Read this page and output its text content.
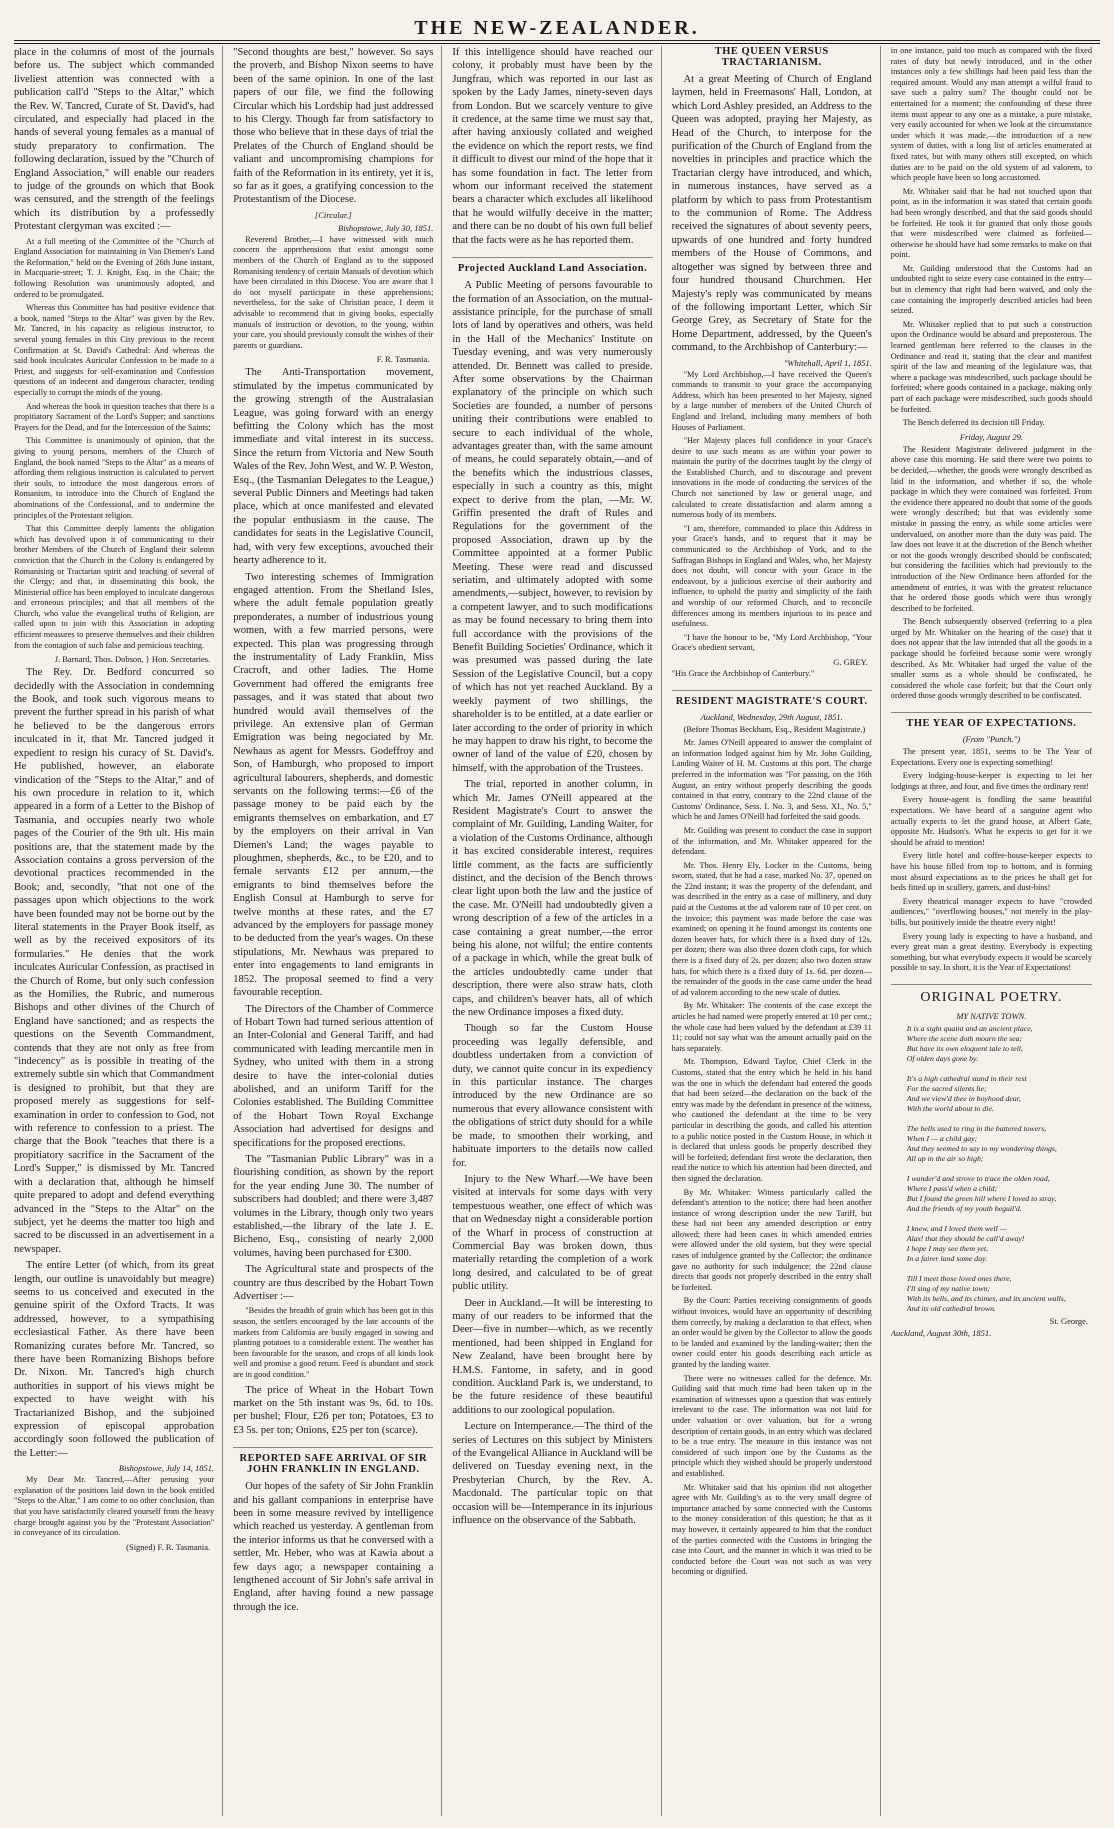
THE NEW-ZEALANDER.

place in the columns of most of the journals before us. The subject which commanded liveliest attention was connected with a publication call'd "Steps to the Altar," which the Rev. W. Tancred, Curate of St. David's, had circulated, and especially had placed in the hands of several young females as a manual of study preparatory to confirmation. The following declaration, issued by the "Church of England Association," will enable our readers to judge of the grounds on which that Book was censured, and the strength of the feelings which its distribution by a professedly Protestant clergyman was excited :—

At a full meeting of the Committee of the "Church of England Association for maintaining in Van Diemen's Land the Reformation," held on the Evening of 26th June instant, in Macquarie-street; T. J. Knight, Esq. in the Chair; the following Resolution was unanimously adopted, and ordered to be promulgated.

Whereas this Committee has had positive evidence that a book, named "Steps to the Altar" was given by the Rev. Mr. Tancred, in his capacity as religious instructor, to several young females in this City previous to the recent Confirmation at St. David's Cathedral: And whereas the said book inculcates Auricular Confession to be made to a Priest, and suggests for self-examination and Confession questions of an indecent and dangerous character, tending especially to corrupt the minds of the young.

And whereas the book in question teaches that there is a propitiatory Sacrament of the Lord's Supper; and sanctions Prayers for the Dead, and for the Intercession of the Saints;

This Committee is unanimously of opinion, that the giving to young persons, members of the Church of England, the book named "Steps to the Altar" as a means of affording them religious instruction is calculated to pervert their souls, to introduce the most dangerous errors of Romanism, to introduce into the Church of England the abominations of the Confessional, and to undermine the principles of the Protestant religion.

That this Committee deeply laments the obligation which has devolved upon it of communicating to their brother Members of the Church of England their solemn conviction that the Church in the Colony is endangered by Romanising or Tractarian spirit and teaching of several of the Clergy; and that, in disseminating this book, the Ministerial office has been employed to inculcate dangerous and erroneous principles; and that all members of the Church, who value the evangelical truths of Religion, are called upon to join with this Association in adopting efficient measures to preserve themselves and their children from the contagion of such false and pernicious teaching.

J. Barnard, Thos. Dobson, } Hon. Secretaries.

The Rey. Dr. Bedford concurred so decidedly with the Association in condemning the Book, and took such vigorous means to prevent the further spread in his parish of what he believed to be the dangerous errors inculcated in it, that Mr. Tancred judged it expedient to resign his curacy of St. David's. He published, however, an elaborate vindication of the "Steps to the Altar," and of his own procedure in relation to it, which appeared in a form of a Letter to the Bishop of Tasmania, and occupies nearly two whole pages of the Courier of the 9th ult. His main positions are, that the statement made by the Association contains a gross perversion of the devotional practices recommended in the Book; and, secondly, "that not one of the passages upon which objections to the work have been founded may not be borne out by the literal statements in the Prayer Book itself, as well as by the received expositors of its formularies." He denies that the work inculcates Auricular Confession, as practised in the Church of Rome, but only such confession as the Homilies, the Rubric, and numerous Bishops and other divines of the Church of England have sanctioned; and as respects the questions on the Seventh Commandment, contends that they are not only as free from "indecency" as is possible in treating of the extremely subtle sin which that Commandment is designed to prohibit, but that they are proposed merely as suggestions for self-examination in order to confession to God, not with reference to confession to a priest. The charge that the Book "teaches that there is a propitiatory sacrifice in the Sacrament of the Lord's Supper," is dismissed by Mr. Tancred with a declaration that, although he himself quite prepared to adopt and defend everything advanced in the "Steps to the Altar" on the subject, yet he deems the matter too high and sacred to be discussed in an advertisement in a newspaper.

The entire Letter (of which, from its great length, our outline is unavoidably but meagre) seems to us conceived and executed in the genuine spirit of the Oxford Tracts. It was addressed, however, to a sympathising ecclesiastical Father. As there have been Romanizing curates before Mr. Tancred, so there have been Romanizing Bishops before Dr. Nixon. Mr. Tancred's high church authorities in support of his views might be expected to have weight with his Tractarianized Bishop, and the subjoined expression of episcopal approbation accordingly soon followed the publication of the Letter:—

Bishopstowe, July 14, 1851.

My Dear Mr. Tancred,—After perusing your explanation of the positions laid down in the book entitled "Steps to the Altar," I am come to no other conclusion, than that you have satisfactorily cleared yourself from the heavy charge brought against you by the "Protestant Association" in conveyance of its circulation.

(Signed) F. R. Tasmania.

"Second thoughts are best," however. So says the proverb, and Bishop Nixon seems to have been of the same opinion. In one of the last papers of our file, we find the following Circular which his Lordship had just addressed to his Clergy. Though far from satisfactory to those who believe that in these days of trial the Prelates of the Church of England should be valiant and uncompromising champions for faith of the Reformation in its entirety, yet it is, so far as it goes, a gratifying concession to the Protestantism of the Diocese.

[Circular.]
Bishopstowe, July 30, 1851.

Reverend Brother,—I have witnessed with much concern the apprehensions that exist amongst some members of the Church of England as to the supposed Romanising tendency of certain Manuals of devotion which have been circulated in this Diocese. You are aware that I do not myself participate in these apprehensions; nevertheless, for the sake of Christian peace, I deem it advisable to recommend that in giving books, especially manuals of instruction or devotion, to the young, within your care, you should previously consult the wishes of their parents or guardians.

F. R. Tasmania.

The Anti-Transportation movement, stimulated by the impetus communicated by the growing strength of the Australasian League, was going forward with an energy befitting the Colony which has the most immediate and vital interest in its success. Since the return from Victoria and New South Wales of the Rev. John West, and W. P. Weston, Esq., (the Tasmanian Delegates to the League,) several Public Dinners and Meetings had taken place, which at once manifested and elevated the popular enthusiasm in the cause. The candidates for seats in the Legislative Council, had, with very few exceptions, avouched their hearty adherence to it.

Two interesting schemes of Immigration engaged attention. From the Shetland Isles, where the adult female population greatly preponderates, a number of industrious young women, with a few married persons, were expected. This plan was progressing through the instrumentality of Lady Franklin, Miss Cracroft, and other ladies. The Home Government had offered the emigrants free passages, and it was stated that about two hundred would avail themselves of the privilege. An extensive plan of German Emigration was being negociated by Mr. Newhaus as agent for Messrs. Godeffroy and Son, of Hamburgh, who proposed to import agricultural labourers, shepherds, and domestic servants on the following terms:—£6 of the passage money to be paid each by the emigrants themselves on embarkation, and £7 by the employers on their arrival in Van Diemen's Land; the wages payable to ploughmen, shepherds, &c., to be £20, and to female servants £12 per annum,—the emigrants to bind themselves before the English Consul at Hamburgh to serve for twelve months at these rates, and the £7 advanced by the employers for passage money to be deducted from the year's wages. On these stipulations, Mr. Newhaus was prepared to enter into engagements to land emigrants in 1852. The proposal seemed to find a very favourable reception.

The Directors of the Chamber of Commerce of Hobart Town had turned serious attention of an Inter-Colonial and General Tariff, and had communicated with leading mercantile men in Sydney, who united with them in a strong desire to have the inter-colonial duties abolished, and an uniform Tariff for the Colonies established. The Building Committee of the Hobart Town Royal Exchange Association had advertised for designs and specifications for the proposed erections.

The "Tasmanian Public Library" was in a flourishing condition, as shown by the report for the year ending June 30. The number of subscribers had doubled; and there were 3,487 volumes in the Library, though only two years established,—the library of the late J. E. Bicheno, Esq., consisting of nearly 2,000 volumes, having been purchased for £300.

The Agricultural state and prospects of the country are thus described by the Hobart Town Advertiser :—

"Besides the breadth of grain which has been got in this season, the settlers encouraged by the late accounts of the markets from California are busily engaged in sowing and planting potatoes to a considerable extent. The weather has been favourable for the season, and crops of all kinds look well and promise a good return. Feed is abundant and stock are in good condition."

The price of Wheat in the Hobart Town market on the 5th instant was 9s. 6d. to 10s. per bushel; Flour, £26 per ton; Potatoes, £3 to £3 5s. per ton; Onions, £25 per ton (scarce).

REPORTED SAFE ARRIVAL OF SIR JOHN FRANKLIN IN ENGLAND.

Our hopes of the safety of Sir John Franklin and his gallant companions in enterprise have been in some measure revived by intelligence which reached us yesterday. A gentleman from the interior informs us that he conversed with a settler, Mr. Heber, who was at Kawia about a few days ago; a newspaper containing a lengthened account of Sir John's safe arrival in England, after having found a new passage through the ice.

If this intelligence should have reached our colony, it probably must have been by the Jungfrau, which was reported in our last as spoken by the Lady James, ninety-seven days from London. But we scarcely venture to give it credence, at the same time we must say that, after having anxiously collated and weighed the evidence on which the report rests, we find it difficult to divest our mind of the hope that it has some foundation in fact. The letter from whom our informant received the statement bears a character which excludes all likelihood that he would wilfully deceive in the matter; and there can be no doubt of his own full belief that the facts were as he has reported them.

Projected Auckland Land Association.

A Public Meeting of persons favourable to the formation of an Association, on the mutual-assistance principle, for the purchase of small lots of land by operatives and others, was held in the Hall of the Mechanics' Institute on Tuesday evening, and was very numerously attended. Dr. Bennett was called to preside. After some observations by the Chairman explanatory of the principle on which such Societies are founded, a number of persons uniting their contributions were enabled to secure to each individual of the whole, advantages greater than, with the same amount of means, he could separately obtain,—and of the benefits which the industrious classes, especially in such a country as this, might expect to derive from the plan, —Mr. W. Griffin presented the draft of Rules and Regulations for the government of the proposed Association, drawn up by the Committee appointed at a former Public Meeting. These were read and discussed seriatim, and ultimately adopted with some amendments,—subject, however, to revision by a competent lawyer, and to such modifications as may be found necessary to bring them into full accordance with the provisions of the Benefit Building Societies' Ordinance, which it was presumed was passed during the late Session of the Legislative Council, but a copy of which has not yet reached Auckland. By a weekly payment of two shillings, the shareholder is to be entitled, at a date earlier or later according to the order of priority in which he may happen to draw his right, to become the owner of land of the value of £20, chosen by himself, with the approbation of the Trustees.

The trial, reported in another column, in which Mr. James O'Neill appeared at the Resident Magistrate's Court to answer the complaint of Mr. Guilding, Landing Waiter, for a violation of the Customs Ordinance, although it has excited considerable interest, requires little comment, as the facts are sufficiently distinct, and the decision of the Bench throws clear light upon both the law and the justice of the case. Mr. O'Neill had undoubtedly given a wrong description of a few of the articles in a case containing a great number,—the error being his alone, not wilful; the entire contents of a package in which, while the great bulk of the articles undoubtedly came under that description, there were also straw hats, cloth caps, and children's beaver hats, all of which the new Ordinance imposes a fixed duty.

Though so far the Custom House proceeding was legally defensible, and doubtless undertaken from a conviction of duty, we cannot quite concur in its expediency in this particular instance. The charges introduced by the new Ordinance are so numerous that every allowance consistent with the obligations of strict duty should for a while be made, to smoothen their working, and habituate importers to the details now called for.

Injury to the New Wharf.—We have been visited at intervals for some days with very tempestuous weather, one effect of which was that on Wednesday night a considerable portion of the Wharf in process of construction at Commercial Bay was broken down, thus materially retarding the completion of a work long desired, and calculated to be of great public utility.

Deer in Auckland.—It will be interesting to many of our readers to be informed that the Deer—five in number—which, as we recently mentioned, had been shipped in England for New Zealand, have been brought here by H.M.S. Fantome, in safety, and in good condition. Auckland Park is, we understand, to be the future residence of these beautiful additions to our zoological population.

Lecture on Intemperance.—The third of the series of Lectures on this subject by Ministers of the Evangelical Alliance in Auckland will be delivered on Tuesday evening next, in the Presbyterian Church, by the Rev. A. Macdonald. The particular topic on that occasion will be—Intemperance in its injurious influence on the observance of the Sabbath.

THE QUEEN VERSUS TRACTARIANISM.

At a great Meeting of Church of England laymen, held in Freemasons' Hall, London, at which Lord Ashley presided, an Address to the Queen was adopted, praying her Majesty, as Head of the Church, to interpose for the purification of the Church of England from the novelties in principles and practice which the Tractarian clergy have introduced, and which, in numerous instances, have served as a platform by which to pass from Protestantism to the communion of Rome. The Address received the signatures of about seventy peers, upwards of one hundred and forty hundred members of the House of Commons, and altogether was signed by between three and four hundred thousand Churchmen. Her Majesty's reply was communicated by means of the following important Letter, which Sir George Grey, as Secretary of State for the Home Department, addressed, by the Queen's command, to the Archbishop of Canterbury:—

"Whitehall, April 1, 1851.

"My Lord Archbishop,—I have received the Queen's commands to transmit to your grace the accompanying Address, which has been presented to her Majesty, signed by a large number of members of the United Church of England and Ireland, including many members of both Houses of Parliament.

"Her Majesty places full confidence in your Grace's desire to use such means as are within your power to maintain the purity of the doctrines taught by the clergy of the Established Church, and to discourage and prevent innovations in the mode of conducting the services of the Church not sanctioned by law or general usage, and calculated to create dissatisfaction and alarm among a numerous body of its members.

"I am, therefore, commanded to place this Address in your Grace's hands, and to request that it may be communicated to the Archbishop of York, and to the Suffragan Bishops in England and Wales, who, her Majesty does not doubt, will concur with your Grace in the endeavour, by a judicious exercise of their authority and influence, to uphold the purity and simplicity of the faith and worship of our reformed Church, and to reconcile differences among its members injurious to its peace and usefulness.

"I have the honour to be, "My Lord Archbishop, "Your Grace's obedient servant,

G. GREY.

"His Grace the Archbishop of Canterbury."

RESIDENT MAGISTRATE'S COURT.
Auckland, Wednesday, 29th August, 1851.

(Before Thomas Beckham, Esq., Resident Magistrate.)

Mr. James O'Neill appeared to answer the complaint of an information lodged against him by Mr. John Guilding, Landing Waiter of H. M. Customs at this port. The charge preferred in the information was "For passing, on the 16th August, an entry without properly describing the goods contained in that entry, contrary to the 22nd clause of the Customs' Ordinance, Sess. I. No. 3, and Sess. XI., No. 5," which he and James O'Neill had forfeited the said goods.

Mr. Guilding was present to conduct the case in support of the information, and Mr. Whitaker appeared for the defendant.

Mr. Thos. Henry Ely, Locker in the Customs, being sworn, stated, that he had a case, marked No. 37, opened on the 22nd instant; it was the property of the defendant, and was described in the entry as a case of millinery, and duty paid at the Customs at the ad valorem rate of 10 per cent. on the invoice; this payment was made before the case was examined; on opening it he found amongst its contents one dozen beaver hats, for which there is a fixed duty of 12s. per dozen; there was also three dozen cloth caps, for which there is a fixed duty of 2s. per dozen; also two dozen straw hats, for which there is a fixed duty of 1s. 6d. per dozen—the remainder of the goods in the case came under the head of ad valorem according to the new scale of duties.

By Mr. Whitaker: The contents of the case except the articles he had named were properly entered at 10 per cent.; the whole case had been valued by the defendant at £39 11 11; could not say what was the amount actually paid on the hats separately.

Mr. Thompson, Edward Taylor, Chief Clerk in the Customs, stated that the entry which he held in his hand was the one in which the defendant had entered the goods that had been seized—the declaration on the back of the entry was made by the defendant in presence of the witness, who cautioned the defendant at the time to be very particular in describing the goods, and called his attention to a public notice posted in the Custom House, in which it is declared that unless goods be properly described they will be forfeited; defendant first wrote the declaration, then read the notice to which his attention had been directed, and then signed the declaration.

By Mr. Whitaker: Witness particularly called the defendant's attention to the notice; there had been another instance of wrong description under the new Tariff, but these had not been any amended description or entry allowed; there had been cases in which amended entries were allowed under the old system, but they were special cases of indulgence granted by the Collector; the ordinance gave no authority for such indulgence; the 22nd clause directs that goods not properly described in the entry shall be forfeited.

By the Court: Parties receiving consignments of goods without invoices, would have an opportunity of describing them correctly, by making a declaration to that effect, when an order would be given by the Collector to allow the goods to be landed and examined by the landing-waiter; then the owner could enter his goods describing each article as granted by the landing waiter.

There were no witnesses called for the defence. Mr. Guilding said that much time had been taken up in the examination of witnesses upon a question that was entirely irrelevant to the case. The information was not laid for under valuation or over valuation, but for a wrong description of certain goods, in an entry which was declared to be a true entry. The measure in this instance was not considered of such import one by the Customs as the principle which they wished should be properly understood and established.

Mr. Whitaker said that his opinion did not altogether agree with Mr. Guilding's as to the very small degree of importance attached by some connected with the Customs to the money consideration of this question; he that as it may however, it certainly appeared to him that the conduct of the parties connected with the Customs in bringing the case into Court, and the manner in which it was tried to be conducted before the Court was not such as was very becoming or dignified.

in one instance, paid too much as compared with the fixed rates of duty but newly introduced, and in the other instances only a few shillings had been paid less than the required amount. Would any man attempt a wilful fraud to save such a paltry sum? The thought could not be entertained for a moment; the confounding of these three items must appear to any one as a mistake, a pure mistake, very easily accounted for when we look at the circumstance under which it was made,—the introduction of a new system of duties, with a long list of articles enumerated at fixed rates, but with many others still excepted, on which duties are to be paid on the old system of ad valorem, to which people have been so long accustomed.

Mr. Whitaker said that he had not touched upon that point, as in the information it was stated that certain goods had been wrongly described, and that the said goods should be forfeited. He took it for granted that only those goods that were misdescribed were claimed as forfeited—otherwise he should have had some remarks to make on that point.

Mr. Guilding understood that the Customs had an undoubted right to seize every case contained in the entry—but in clemency that right had been waived, and only the case containing the improperly described articles had been seized.

Mr. Whitaker replied that to put such a construction upon the Ordinance would be absurd and preposterous. The learned gentleman here referred to the clauses in the Ordinance and read it, stating that the clear and manifest spirit of the law and meaning of the legislature was, that where a package was misdescribed, such package should be forfeited; where goods contained in a package, making only part of each package were misdescribed, such goods should be forfeited.

The Bench deferred its decision till Friday.

Friday, August 29.

The Resident Magistrate delivered judgment in the above case this morning. He said there were two points to be decided,—whether, the goods were wrongly described as laid in the information, and whether if so, the whole package in which they were contained was forfeited. From the evidence there appeared no doubt that some of the goods were wrongly described; but that was evidently some mistake in passing the entry, as while some articles were undervalued, on another more than the duty was paid. The law does not leave it at the discretion of the Bench whether or not the goods wrongly described should be confiscated; but considering the facilities which had previously to the introduction of the New Ordinance been afforded for the amendment of entries, it was with the greatest reluctance that he ordered those goods which were thus wrongly described to be forfeited.

The Bench subsequently observed (referring to a plea urged by Mr. Whitaker on the hearing of the case) that it does not appear that the law intended that all the goods in a package should be forfeited because some were wrongly described. As Mr. Whitaker had urged the value of the smaller sums as a whole should be confiscated, he considered the whole case forfeit; but that the Court only ordered those goods wrongly described to be confiscated.

THE YEAR OF EXPECTATIONS.
(From "Punch.")

The present year, 1851, seems to be The Year of Expectations. Every one is expecting something!

Every lodging-house-keeper is expecting to let her lodgings at three, and four, and five times the ordinary rent!

Every house-agent is fondling the same beautiful expectations. We have heard of a sanguine agent who actually expects to let the grand house, at Albert Gate, opposite Mr. Hudson's. What he expects to get for it we should be afraid to mention!

Every little hotel and coffee-house-keeper expects to have his house filled from top to bottom, and is forming most absurd expectations as to the prices he shall get for beds fitted up in scullery, garrets, and dust-bins!

Every theatrical manager expects to have "crowded audiences," "overflowing houses," not merely in the play-bills, but positively inside the theatre every night!

Every young lady is expecting to have a husband, and every great man a great destiny. Everybody is expecting something, but what everybody expects it would be scarcely possible to say. In short, it is the Year of Expectations!

ORIGINAL POETRY.
MY NATIVE TOWN.
It is a sight quaint and an ancient place,
Where the scene doth mourn the sea;
But have its own eloquent tale to tell,
Of olden days gone by.

It's a high cathedral stand in their rest
For the sacred silents lie;
And we view'd thee in boyhood dear,
With the world about to die.

The bells used to ring in the battered towers,
When I — a child gay;
And they seemed to say to my wondering things,
All up in the air so high;

I wander'd and strove to trace the olden road,
Where I pass'd when a child;
But I found the green hill where I loved to stray,
And the friends of my youth beguil'd.

I knew, and I loved them well —
Alas! that they should be call'd away!
I hope I may see them yet,
In a fairer land some day.

Till I meet those loved ones there,
I'll sing of my native town;
With its bells, and its chimes, and its ancient walls,
And its old cathedral brown.
St. George.
Auckland, August 30th, 1851.
